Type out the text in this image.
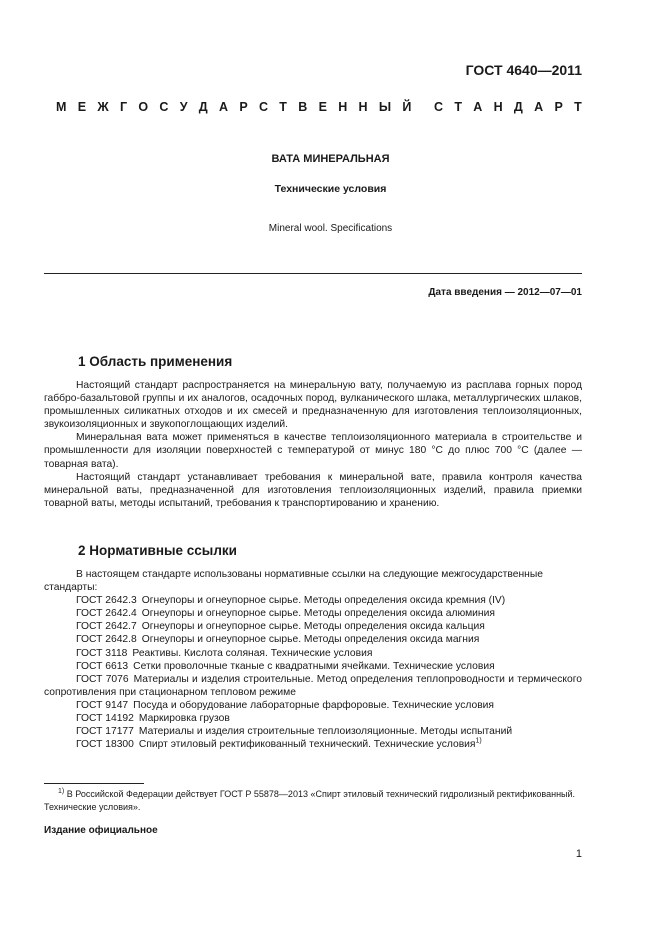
ГОСТ 4640—2011
М Е Ж Г О С У Д А Р С Т В Е Н Н Ы Й С Т А Н Д А Р Т
ВАТА МИНЕРАЛЬНАЯ
Технические условия
Mineral wool. Specifications
Дата введения — 2012—07—01
1 Область применения

Настоящий стандарт распространяется на минеральную вату, получаемую из расплава горных пород габбро-базальтовой группы и их аналогов, осадочных пород, вулканического шлака, металлургических шлаков, промышленных силикатных отходов и их смесей и предназначенную для изготовления теплоизоляционных, звукоизоляционных и звукопоглощающих изделий.

Минеральная вата может применяться в качестве теплоизоляционного материала в строительстве и промышленности для изоляции поверхностей с температурой от минус 180 °С до плюс 700 °С (далее — товарная вата).

Настоящий стандарт устанавливает требования к минеральной вате, правила контроля качества минеральной ваты, предназначенной для изготовления теплоизоляционных изделий, правила приемки товарной ваты, методы испытаний, требования к транспортированию и хранению.

2 Нормативные ссылки

В настоящем стандарте использованы нормативные ссылки на следующие межгосударственные стандарты:

ГОСТ 2642.3 Огнеупоры и огнеупорное сырье. Методы определения оксида кремния (IV)

ГОСТ 2642.4 Огнеупоры и огнеупорное сырье. Методы определения оксида алюминия

ГОСТ 2642.7 Огнеупоры и огнеупорное сырье. Методы определения оксида кальция

ГОСТ 2642.8 Огнеупоры и огнеупорное сырье. Методы определения оксида магния

ГОСТ 3118 Реактивы. Кислота соляная. Технические условия

ГОСТ 6613 Сетки проволочные тканые с квадратными ячейками. Технические условия

ГОСТ 7076 Материалы и изделия строительные. Метод определения теплопроводности и термического сопротивления при стационарном тепловом режиме

ГОСТ 9147 Посуда и оборудование лабораторные фарфоровые. Технические условия

ГОСТ 14192 Маркировка грузов

ГОСТ 17177 Материалы и изделия строительные теплоизоляционные. Методы испытаний

ГОСТ 18300 Спирт этиловый ректификованный технический. Технические условия$^{1)}$

$^{1)}$ В Российской Федерации действует ГОСТ Р 55878—2013 «Спирт этиловый технический гидролизный ректификованный. Технические условия».

Издание официальное
1
